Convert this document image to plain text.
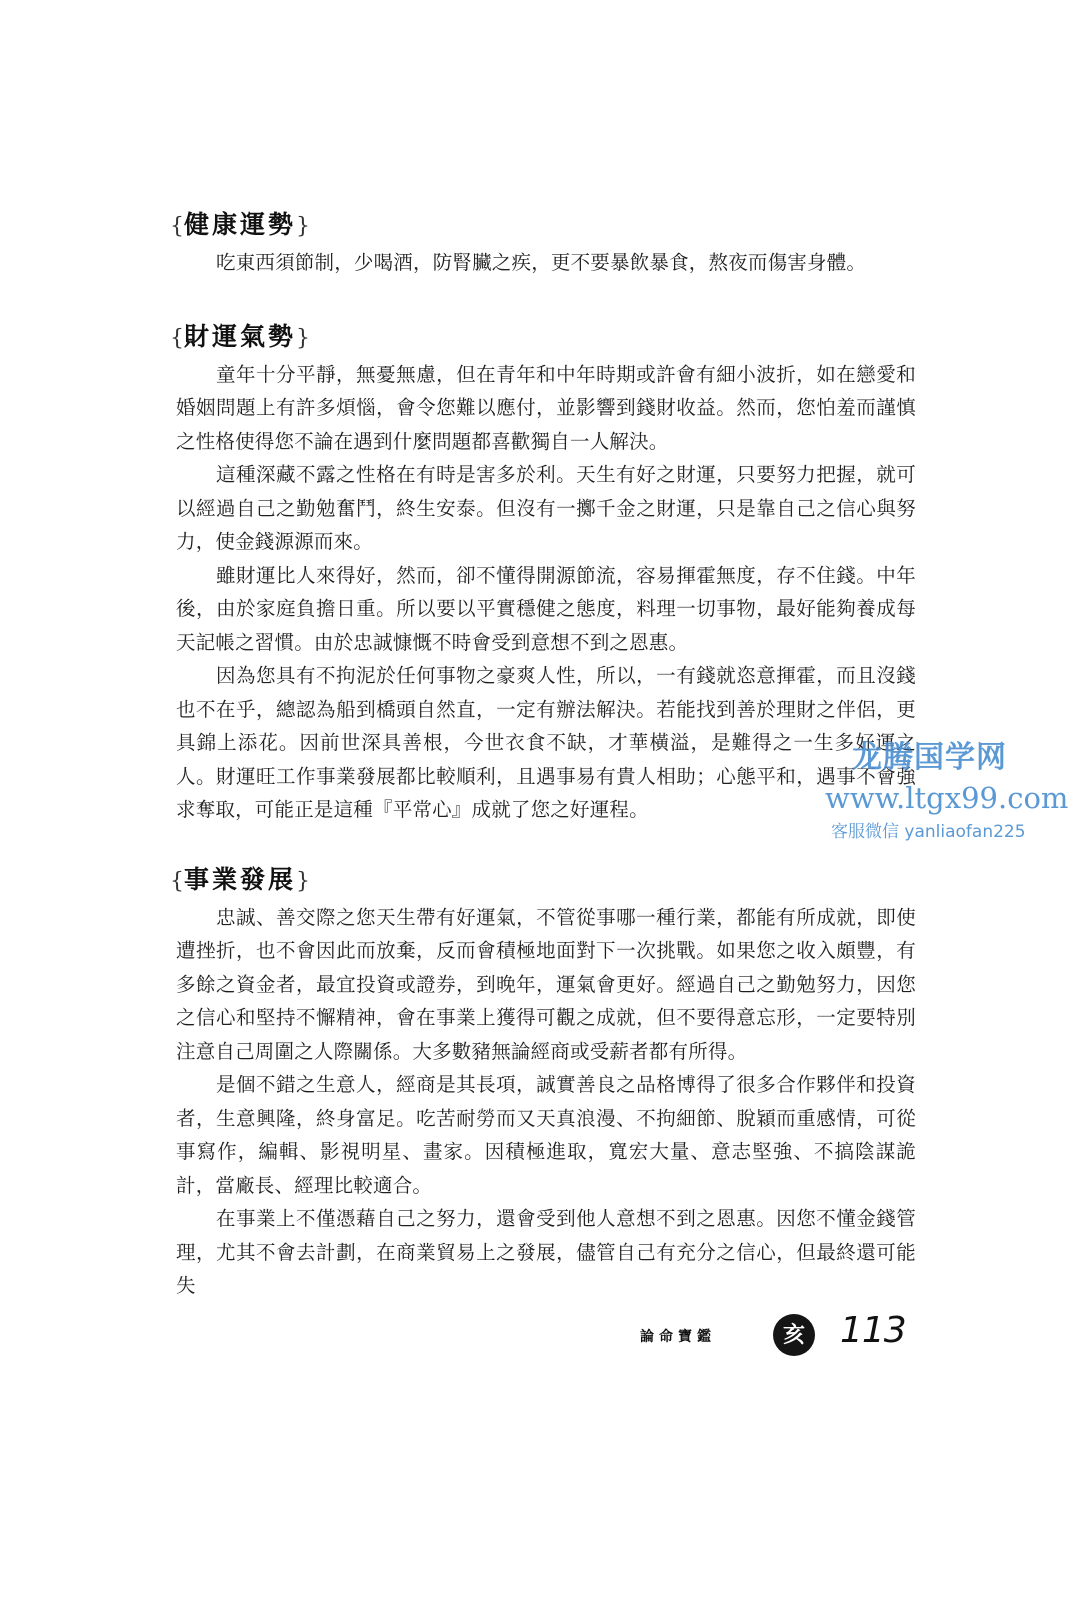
{健康運勢}

吃東西須節制，少喝酒，防腎臟之疾，更不要暴飲暴食，熬夜而傷害身體。

{財運氣勢}

童年十分平靜，無憂無慮，但在青年和中年時期或許會有細小波折，如在戀愛和婚姻問題上有許多煩惱，會令您難以應付，並影響到錢財收益。然而，您怕羞而謹慎之性格使得您不論在遇到什麼問題都喜歡獨自一人解決。

這種深藏不露之性格在有時是害多於利。天生有好之財運，只要努力把握，就可以經過自己之勤勉奮鬥，終生安泰。但沒有一擲千金之財運，只是靠自己之信心與努力，使金錢源源而來。

雖財運比人來得好，然而，卻不懂得開源節流，容易揮霍無度，存不住錢。中年後，由於家庭負擔日重。所以要以平實穩健之態度，料理一切事物，最好能夠養成每天記帳之習慣。由於忠誠慷慨不時會受到意想不到之恩惠。

因為您具有不拘泥於任何事物之豪爽人性，所以，一有錢就恣意揮霍，而且沒錢也不在乎，總認為船到橋頭自然直，一定有辦法解決。若能找到善於理財之伴侶，更具錦上添花。因前世深具善根，今世衣食不缺，才華橫溢，是難得之一生多好運之人。財運旺工作事業發展都比較順利，且遇事易有貴人相助；心態平和，遇事不會強求奪取，可能正是這種『平常心』成就了您之好運程。

{事業發展}

忠誠、善交際之您天生帶有好運氣，不管從事哪一種行業，都能有所成就，即使遭挫折，也不會因此而放棄，反而會積極地面對下一次挑戰。如果您之收入頗豐，有多餘之資金者，最宜投資或證券，到晚年，運氣會更好。經過自己之勤勉努力，因您之信心和堅持不懈精神，會在事業上獲得可觀之成就，但不要得意忘形，一定要特別注意自己周圍之人際關係。大多數豬無論經商或受薪者都有所得。

是個不錯之生意人，經商是其長項，誠實善良之品格博得了很多合作夥伴和投資者，生意興隆，終身富足。吃苦耐勞而又天真浪漫、不拘細節、脫穎而重感情，可從事寫作，編輯、影視明星、畫家。因積極進取，寬宏大量、意志堅強、不搞陰謀詭計，當廠長、經理比較適合。

在事業上不僅憑藉自己之努力，還會受到他人意想不到之恩惠。因您不懂金錢管理，尤其不會去計劃，在商業貿易上之發展，儘管自己有充分之信心，但最終還可能失

龙腾国学网
www.ltgx99.com
客服微信 yanliaofan225
論命寶鑑	亥 113
